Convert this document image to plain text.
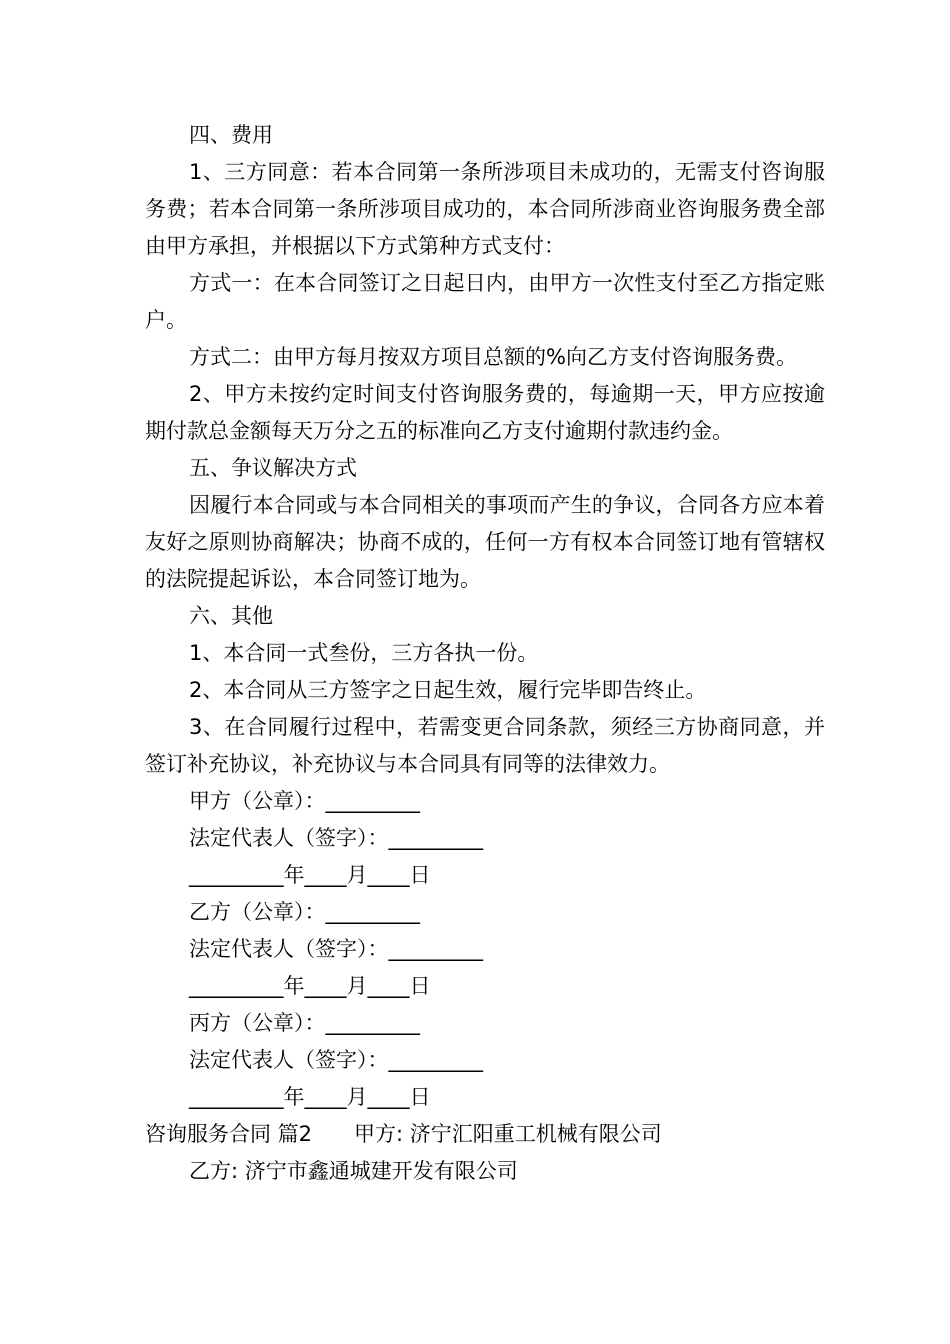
四、费用

1、三方同意：若本合同第一条所涉项目未成功的，无需支付咨询服务费；若本合同第一条所涉项目成功的，本合同所涉商业咨询服务费全部由甲方承担，并根据以下方式第种方式支付：

方式一：在本合同签订之日起日内，由甲方一次性支付至乙方指定账户。

方式二：由甲方每月按双方项目总额的%向乙方支付咨询服务费。

2、甲方未按约定时间支付咨询服务费的，每逾期一天，甲方应按逾期付款总金额每天万分之五的标准向乙方支付逾期付款违约金。

五、争议解决方式

因履行本合同或与本合同相关的事项而产生的争议，合同各方应本着友好之原则协商解决；协商不成的，任何一方有权本合同签订地有管辖权的法院提起诉讼，本合同签订地为。

六、其他

1、本合同一式叁份，三方各执一份。

2、本合同从三方签字之日起生效，履行完毕即告终止。

3、在合同履行过程中，若需变更合同条款，须经三方协商同意，并签订补充协议，补充协议与本合同具有同等的法律效力。

甲方（公章）：_________

法定代表人（签字）：_________

_________年____月____日

乙方（公章）：_________

法定代表人（签字）：_________

_________年____月____日

丙方（公章）：_________

法定代表人（签字）：_________

_________年____月____日

咨询服务合同 篇2　　甲方: 济宁汇阳重工机械有限公司

乙方: 济宁市鑫通城建开发有限公司
